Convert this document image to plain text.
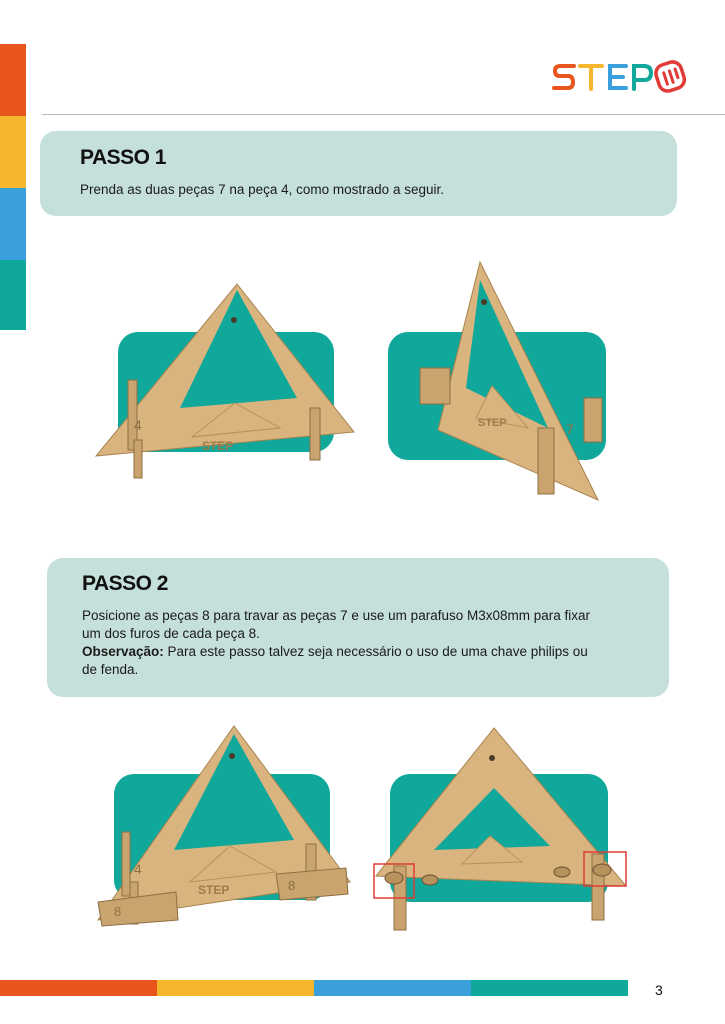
STEP
PASSO 1
Prenda as duas peças 7 na peça 4, como mostrado a seguir.
4
STEP
7
STEP
PASSO 2
Posicione as peças 8 para travar as peças 7 e use um parafuso M3x08mm para fixar
um dos furos de cada peça 8.
Observação: Para este passo talvez seja necessário o uso de uma chave philips ou
de fenda.
4
8
8
STEP
3
